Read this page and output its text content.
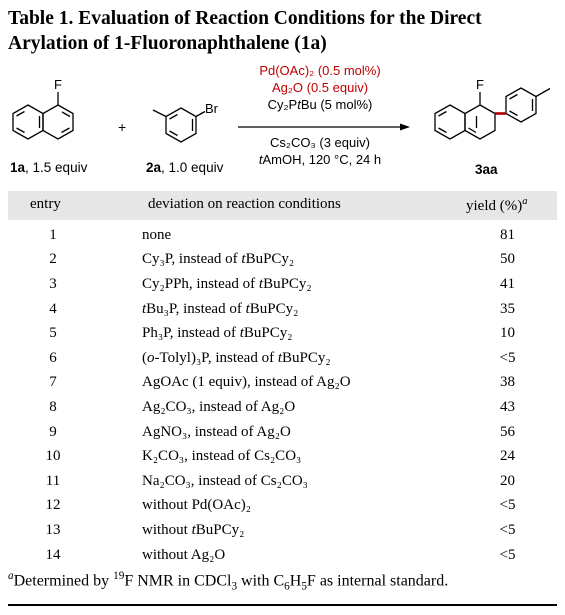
Table 1. Evaluation of Reaction Conditions for the Direct Arylation of 1-Fluoronaphthalene (1a)
F
+
Br
F
Pd(OAc)₂ (0.5 mol%)
Ag₂O (0.5 equiv)
Cy₂PtBu (5 mol%)
Cs₂CO₃ (3 equiv)
tAmOH, 120 °C, 24 h
1a, 1.5 equiv	2a, 1.0 equiv	3aa
entry	deviation on reaction conditions	yield (%)$^a$
1	none	81
2	Cy₃P, instead of tBuPCy₂	50
3	Cy₂PPh, instead of tBuPCy₂	41
4	tBu₃P, instead of tBuPCy₂	35
5	Ph₃P, instead of tBuPCy₂	10
6	(o-Tolyl)₃P, instead of tBuPCy₂	<5
7	AgOAc (1 equiv), instead of Ag₂O	38
8	Ag₂CO₃, instead of Ag₂O	43
9	AgNO₃, instead of Ag₂O	56
10	K₂CO₃, instead of Cs₂CO₃	24
11	Na₂CO₃, instead of Cs₂CO₃	20
12	without Pd(OAc)₂	<5
13	without tBuPCy₂	<5
14	without Ag₂O	<5
$^a$Determined by $^{19}$F NMR in CDCl$_3$ with $C_6H_5F$ as internal standard.
